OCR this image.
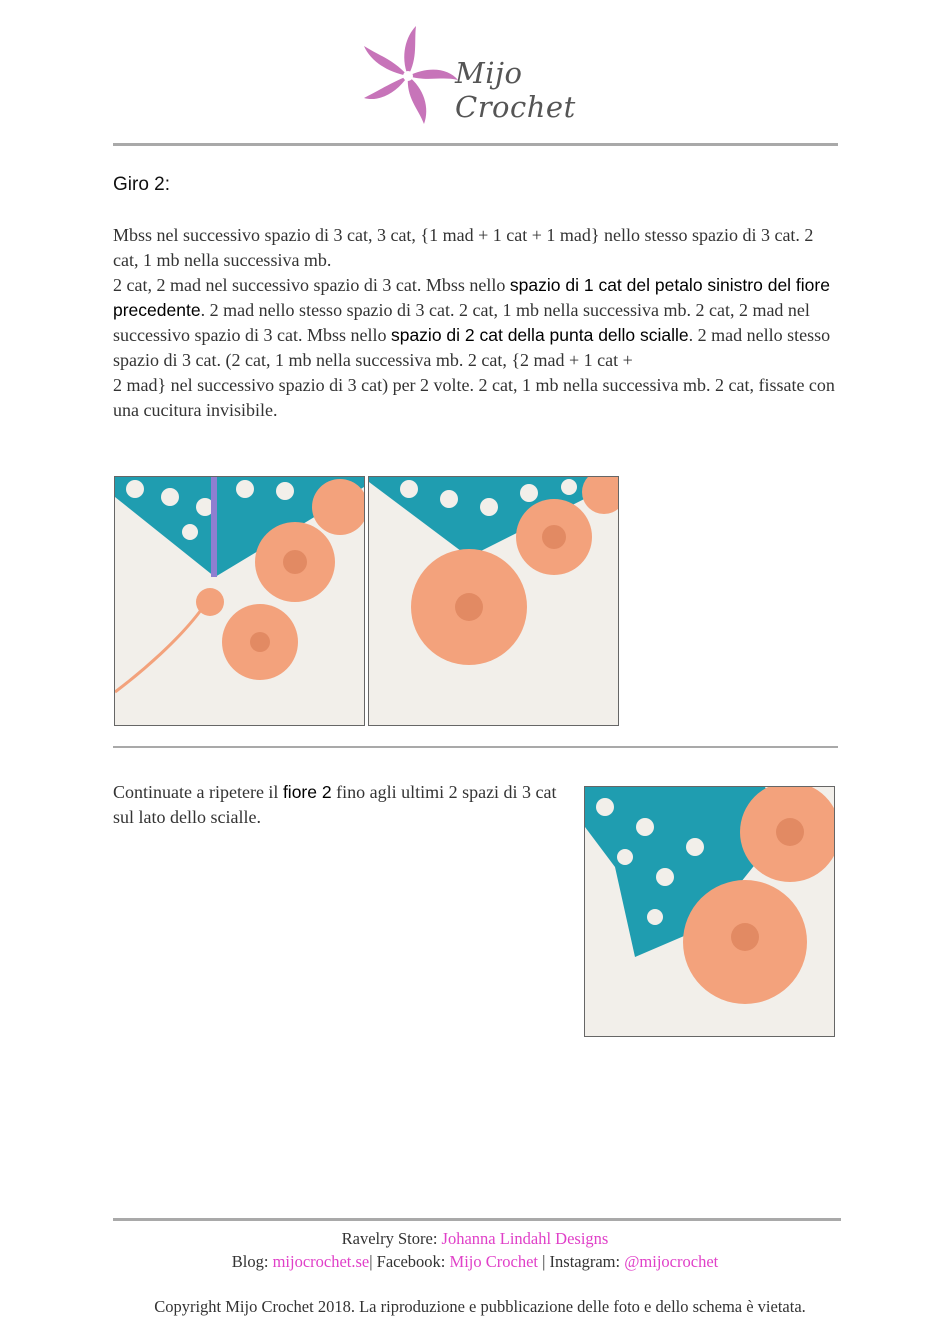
Mijo Crochet
Giro 2:
Mbss nel successivo spazio di 3 cat, 3 cat, {1 mad + 1 cat + 1 mad} nello stesso spazio di 3 cat. 2 cat, 1 mb nella successiva mb.
2 cat, 2 mad nel successivo spazio di 3 cat. Mbss nello spazio di 1 cat del petalo sinistro del fiore precedente. 2 mad nello stesso spazio di 3 cat. 2 cat, 1 mb nella successiva mb. 2 cat, 2 mad nel successivo spazio di 3 cat. Mbss nello spazio di 2 cat della punta dello scialle. 2 mad nello stesso spazio di 3 cat. (2 cat, 1 mb nella successiva mb. 2 cat, {2 mad + 1 cat +
2 mad} nel successivo spazio di 3 cat) per 2 volte. 2 cat, 1 mb nella successiva mb. 2 cat, fissate con una cucitura invisibile.
Continuate a ripetere il fiore 2 fino agli ultimi 2 spazi di 3 cat sul lato dello scialle.
Ravelry Store: Johanna Lindahl Designs
Blog: mijocrochet.se| Facebook: Mijo Crochet | Instagram: @mijocrochet
Copyright Mijo Crochet 2018. La riproduzione e pubblicazione delle foto e dello schema è vietata.
